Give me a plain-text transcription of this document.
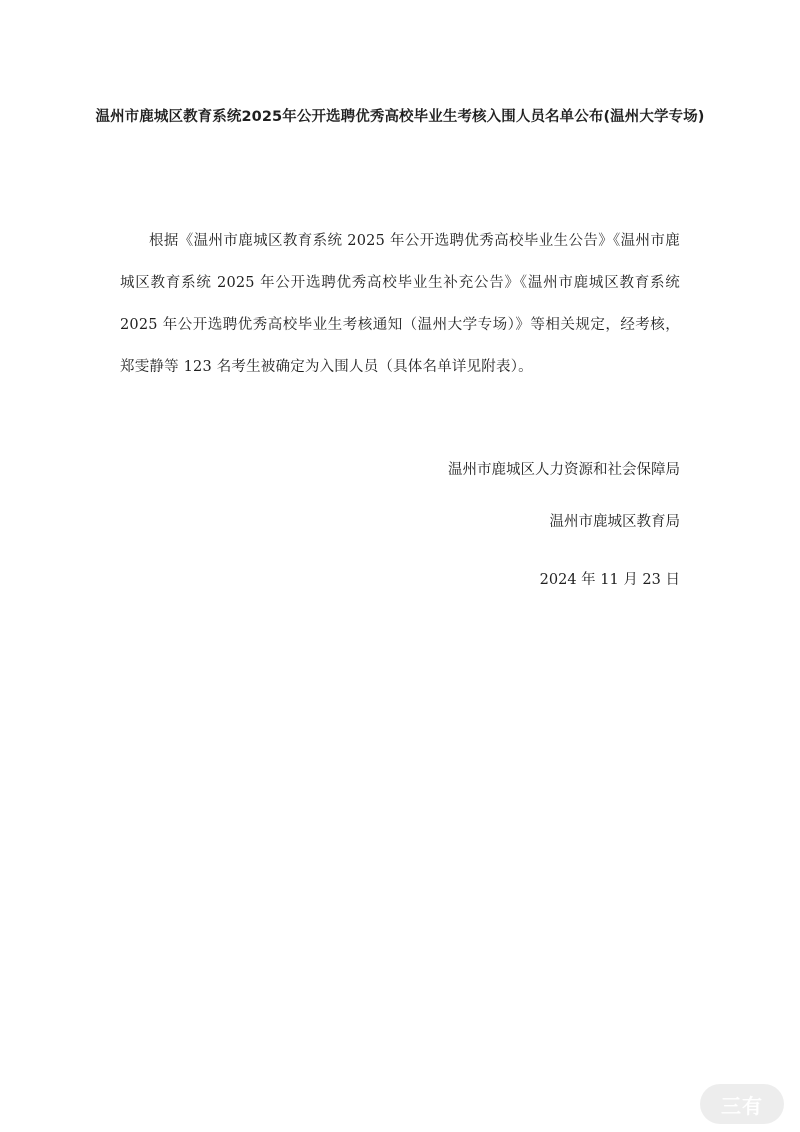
温州市鹿城区教育系统2025年公开选聘优秀高校毕业生考核入围人员名单公布(温州大学专场)
根据《温州市鹿城区教育系统 2025 年公开选聘优秀高校毕业生公告》《温州市鹿城区教育系统 2025 年公开选聘优秀高校毕业生补充公告》《温州市鹿城区教育系统 2025 年公开选聘优秀高校毕业生考核通知（温州大学专场）》等相关规定，经考核，郑雯静等 123 名考生被确定为入围人员（具体名单详见附表）。
温州市鹿城区人力资源和社会保障局
温州市鹿城区教育局
2024 年 11 月 23 日
三有
